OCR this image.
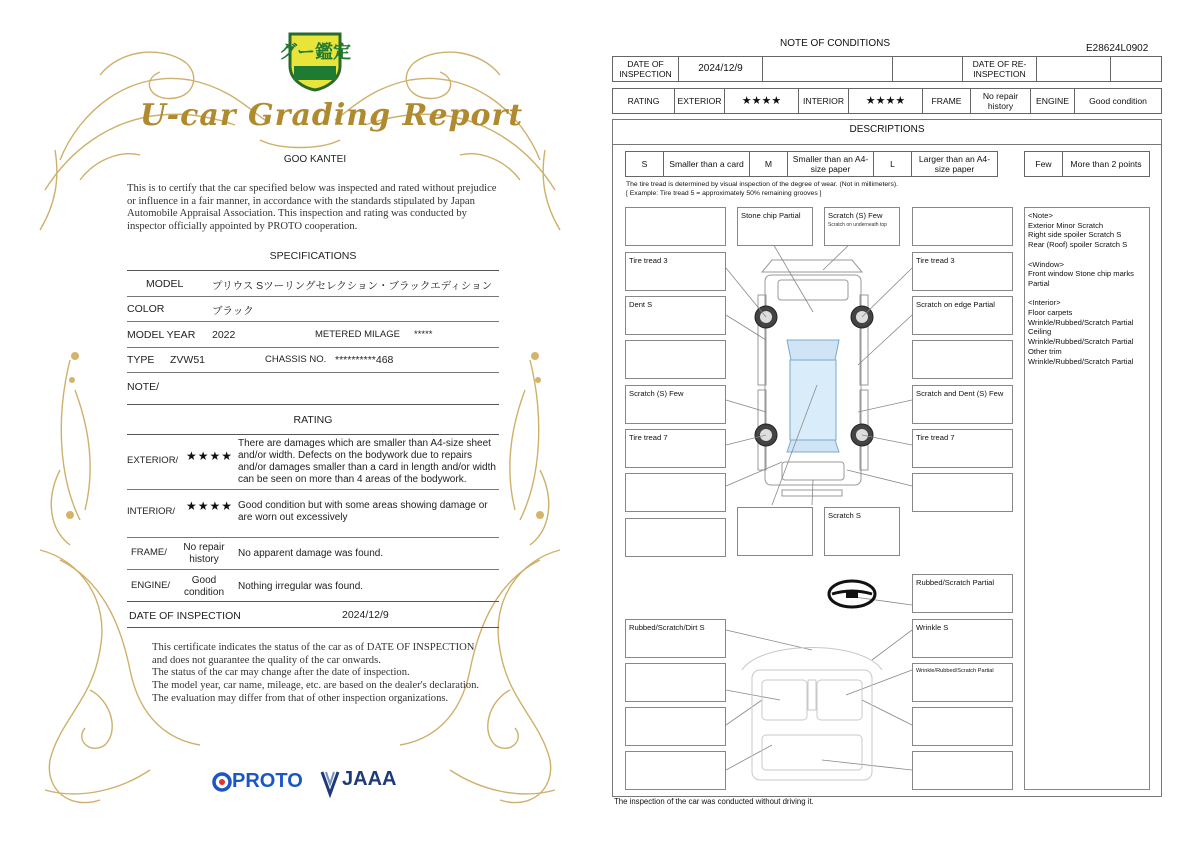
グー鑑定
U-car Grading Report
GOO KANTEI
This is to certify that the car specified below was inspected and rated without prejudice or influence in a fair manner, in accordance with the standards stipulated by Japan Automobile Appraisal Association. This inspection and rating was conducted by inspector officially appointed by PROTO cooperation.
SPECIFICATIONS
MODEL	プリウス Sツーリングセレクション・ブラックエディション
COLOR	ブラック
MODEL YEAR 2022	METERED MILAGE *****
TYPE ZVW51	CHASSIS NO. **********468
NOTE/
RATING
EXTERIOR/ ★★★★
There are damages which are smaller than A4-size sheet and/or width. Defects on the bodywork due to repairs and/or damages smaller than a card in length and/or width can be seen on more than 4 areas of the bodywork.
INTERIOR/ ★★★★ Good condition but with some areas showing damage or are worn out excessively
FRAME/	No repair history
No apparent damage was found.
ENGINE/	Good condition
Nothing irregular was found.
DATE OF INSPECTION	2024/12/9
This certificate indicates the status of the car as of DATE OF INSPECTION and does not guarantee the quality of the car onwards.
The status of the car may change after the date of inspection.
The model year, car name, mileage, etc. are based on the dealer's declaration.
The evaluation may differ from that of other inspection organizations.
PROTO JAAA
NOTE OF CONDITIONS	E28624L0902
DATE OF INSPECTION	2024/12/9			DATE OF RE-INSPECTION		
RATING	EXTERIOR	★★★★	INTERIOR	★★★★	FRAME	No repair history	ENGINE	Good condition
DESCRIPTIONS
S	Smaller than a card	M	Smaller than an A4-size paper	L	Larger than an A4-size paper	Few	More than 2 points
The tire tread is determined by visual inspection of the degree of wear. (Not in millimeters).
[ Example: Tire tread 5 = approximately 50% remaining grooves ]
Tire tread 3
Dent S
Scratch (S) Few
Tire tread 7
Rubbed/Scratch/Dirt S
Stone chip Partial	Scratch (S) Few
Scratch on underneath top
Scratch S
Tire tread 3
Scratch on edge Partial
Scratch and Dent (S) Few
Tire tread 7
Rubbed/Scratch Partial
Wrinkle S
Wrinkle/Rubbed/Scratch Partial

<Note>

Exterior Minor Scratch

Right side spoiler Scratch S

Rear (Roof) spoiler Scratch S

<Window>

Front window Stone chip marks Partial

<Interior>

Floor carpets

Wrinkle/Rubbed/Scratch Partial

Ceiling

Wrinkle/Rubbed/Scratch Partial

Other trim

Wrinkle/Rubbed/Scratch Partial

The inspection of the car was conducted without driving it.
